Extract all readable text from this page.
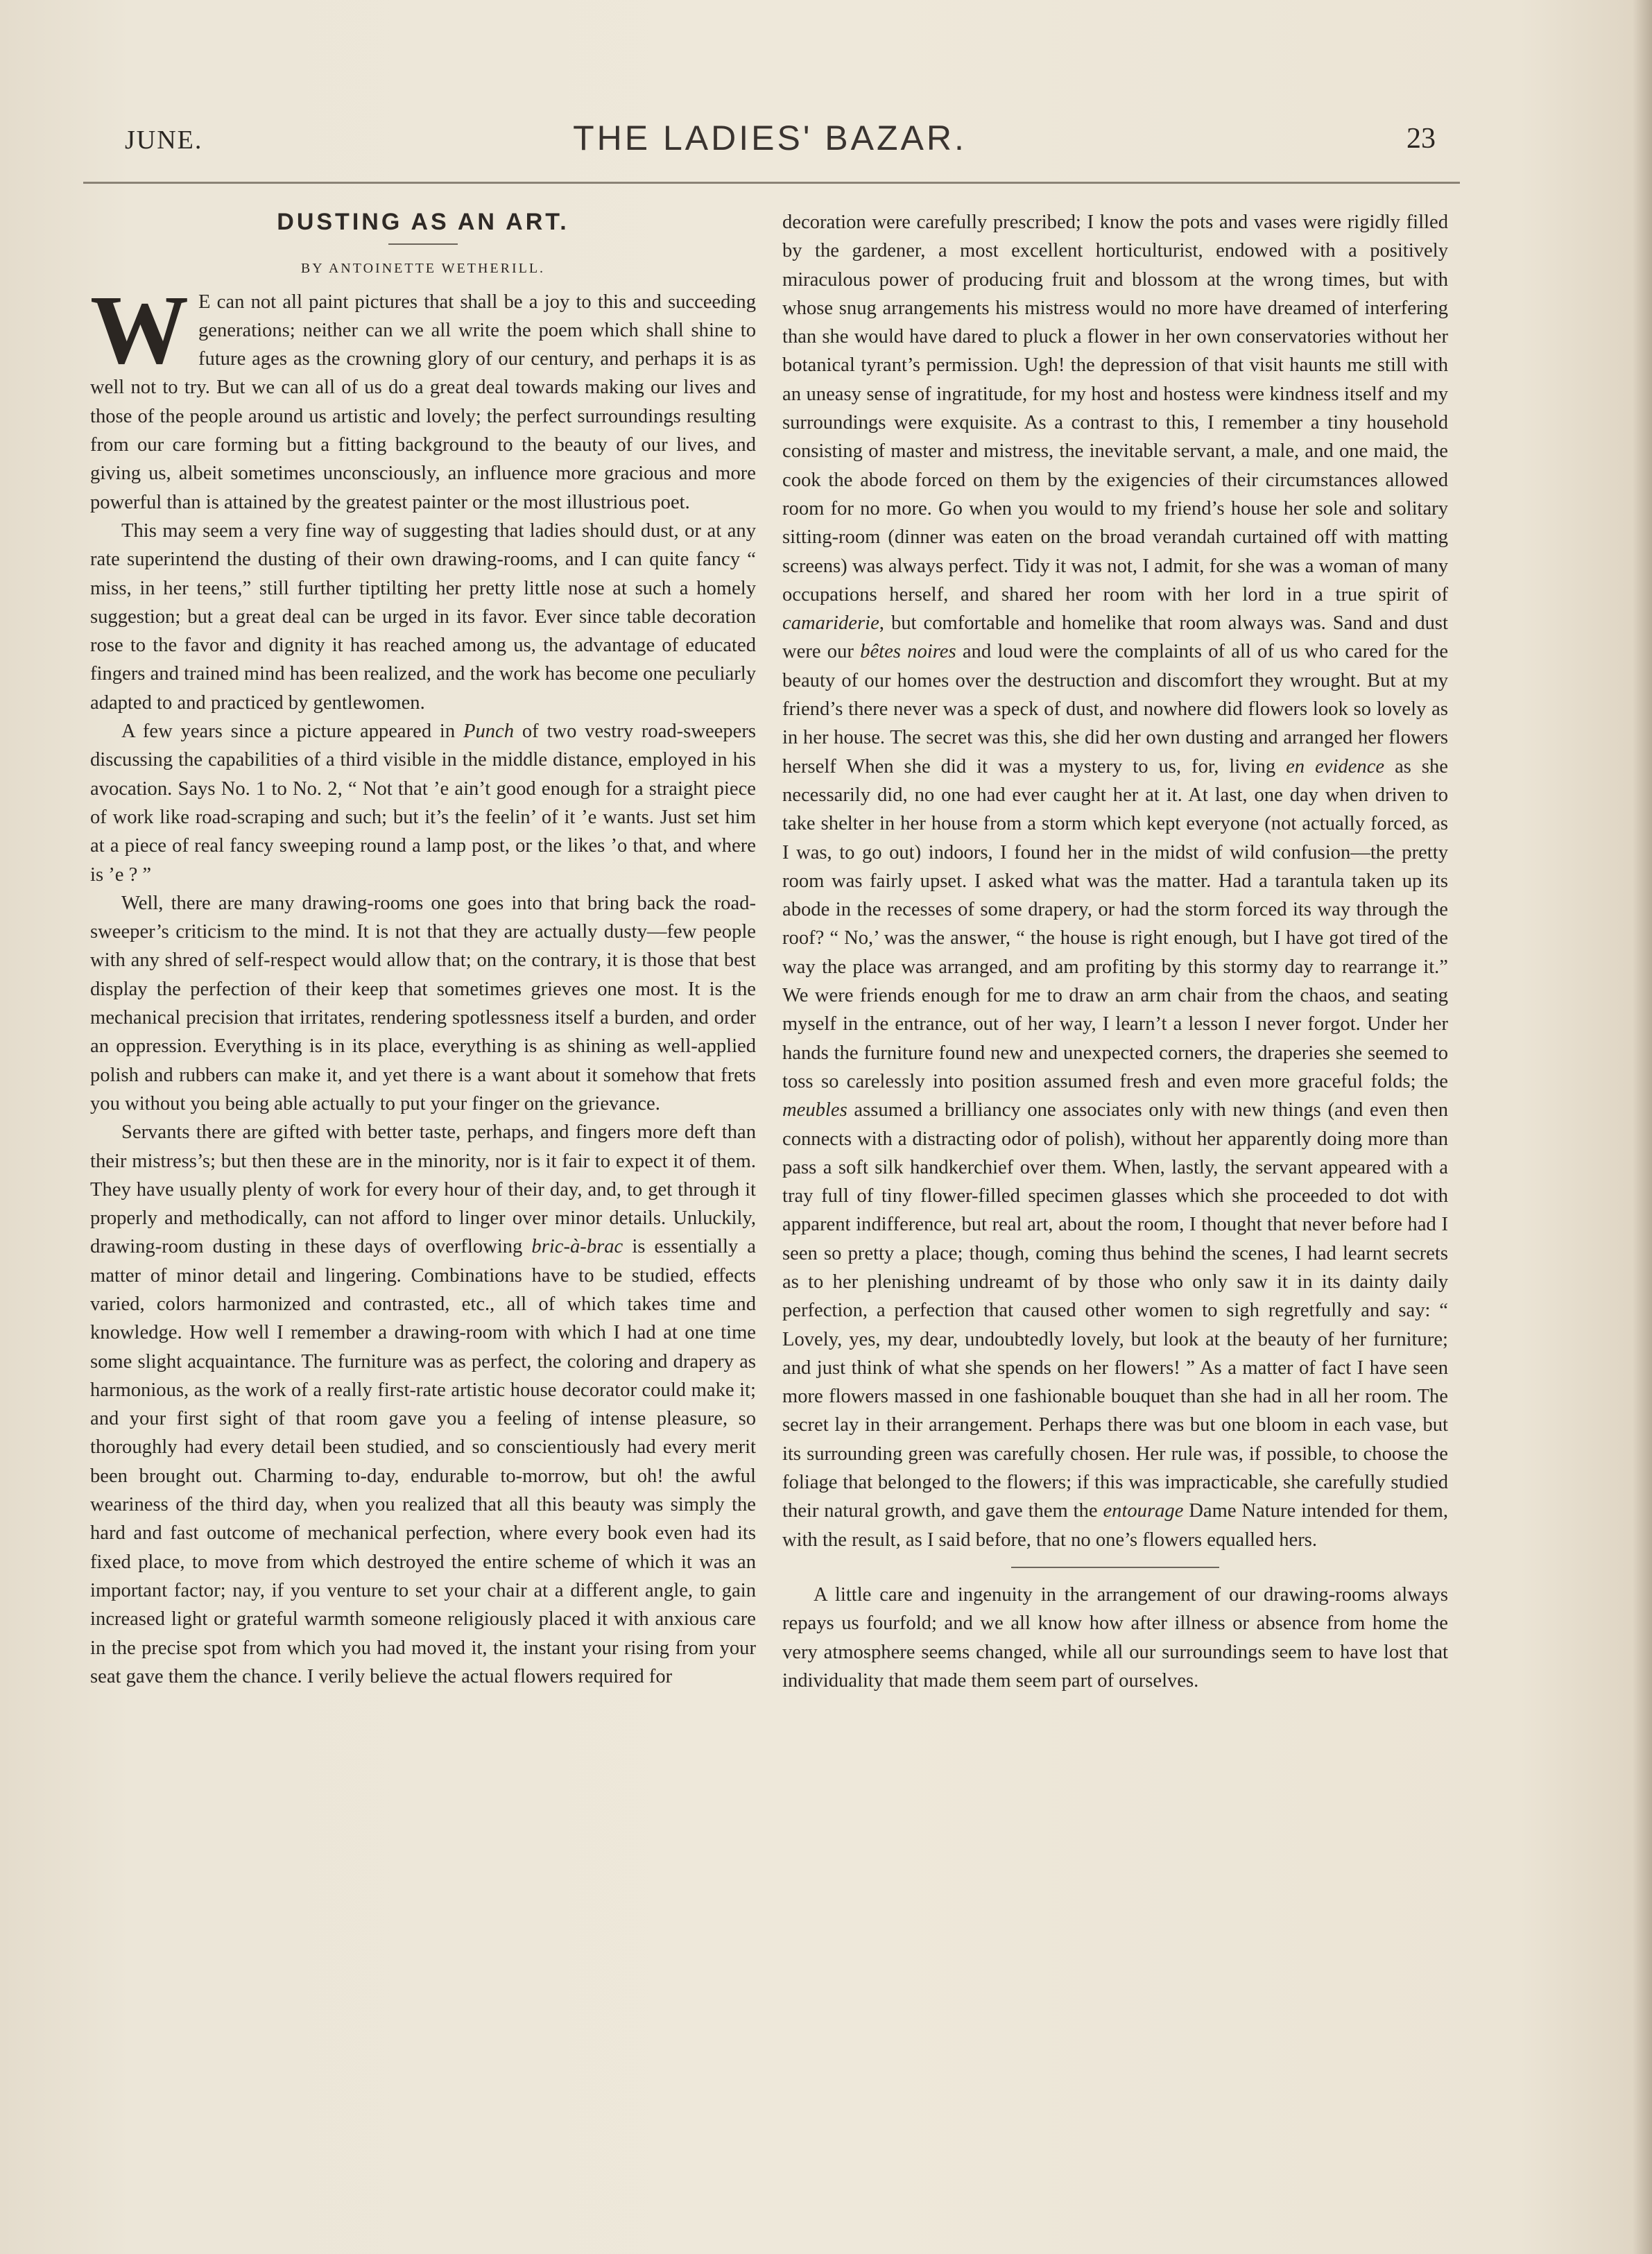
JUNE.	THE LADIES' BAZAR.	23

DUSTING AS AN ART.

BY ANTOINETTE WETHERILL.

W E can not all paint pictures that shall be a joy to this and succeeding generations; neither can we all write the poem which shall shine to future ages as the crowning glory of our century, and perhaps it is as well not to try. But we can all of us do a great deal towards making our lives and those of the people around us artistic and lovely; the perfect surroundings resulting from our care forming but a fitting background to the beauty of our lives, and giving us, albeit sometimes unconsciously, an influence more gracious and more powerful than is attained by the greatest painter or the most illustrious poet.

This may seem a very fine way of suggesting that ladies should dust, or at any rate superintend the dusting of their own drawing-rooms, and I can quite fancy “ miss, in her teens,” still further tiptilting her pretty little nose at such a homely suggestion; but a great deal can be urged in its favor. Ever since table decoration rose to the favor and dignity it has reached among us, the advantage of educated fingers and trained mind has been realized, and the work has become one peculiarly adapted to and practiced by gentlewomen.

A few years since a picture appeared in Punch of two vestry road-sweepers discussing the capabilities of a third visible in the middle distance, employed in his avocation. Says No. 1 to No. 2, “ Not that ’e ain’t good enough for a straight piece of work like road-scraping and such; but it’s the feelin’ of it ’e wants. Just set him at a piece of real fancy sweeping round a lamp post, or the likes ’o that, and where is ’e ? ”

Well, there are many drawing-rooms one goes into that bring back the road-sweeper’s criticism to the mind. It is not that they are actually dusty—few people with any shred of self-respect would allow that; on the contrary, it is those that best display the perfection of their keep that sometimes grieves one most. It is the mechanical precision that irritates, rendering spotlessness itself a burden, and order an oppression. Everything is in its place, everything is as shining as well-applied polish and rubbers can make it, and yet there is a want about it somehow that frets you without you being able actually to put your finger on the grievance.

Servants there are gifted with better taste, perhaps, and fingers more deft than their mistress’s; but then these are in the minority, nor is it fair to expect it of them. They have usually plenty of work for every hour of their day, and, to get through it properly and methodically, can not afford to linger over minor details. Unluckily, drawing-room dusting in these days of overflowing bric-à-brac is essentially a matter of minor detail and lingering. Combinations have to be studied, effects varied, colors harmonized and contrasted, etc., all of which takes time and knowledge. How well I remember a drawing-room with which I had at one time some slight acquaintance. The furniture was as perfect, the coloring and drapery as harmonious, as the work of a really first-rate artistic house decorator could make it; and your first sight of that room gave you a feeling of intense pleasure, so thoroughly had every detail been studied, and so conscientiously had every merit been brought out. Charming to-day, endurable to-morrow, but oh! the awful weariness of the third day, when you realized that all this beauty was simply the hard and fast outcome of mechanical perfection, where every book even had its fixed place, to move from which destroyed the entire scheme of which it was an important factor; nay, if you venture to set your chair at a different angle, to gain increased light or grateful warmth someone religiously placed it with anxious care in the precise spot from which you had moved it, the instant your rising from your seat gave them the chance. I verily believe the actual flowers required for

decoration were carefully prescribed; I know the pots and vases were rigidly filled by the gardener, a most excellent horticulturist, endowed with a positively miraculous power of producing fruit and blossom at the wrong times, but with whose snug arrangements his mistress would no more have dreamed of interfering than she would have dared to pluck a flower in her own conservatories without her botanical tyrant’s permission. Ugh! the depression of that visit haunts me still with an uneasy sense of ingratitude, for my host and hostess were kindness itself and my surroundings were exquisite. As a contrast to this, I remember a tiny household consisting of master and mistress, the inevitable servant, a male, and one maid, the cook the abode forced on them by the exigencies of their circumstances allowed room for no more. Go when you would to my friend’s house her sole and solitary sitting-room (dinner was eaten on the broad verandah curtained off with matting screens) was always perfect. Tidy it was not, I admit, for she was a woman of many occupations herself, and shared her room with her lord in a true spirit of camariderie, but comfortable and homelike that room always was. Sand and dust were our bêtes noires and loud were the complaints of all of us who cared for the beauty of our homes over the destruction and discomfort they wrought. But at my friend’s there never was a speck of dust, and nowhere did flowers look so lovely as in her house. The secret was this, she did her own dusting and arranged her flowers herself When she did it was a mystery to us, for, living en evidence as she necessarily did, no one had ever caught her at it. At last, one day when driven to take shelter in her house from a storm which kept everyone (not actually forced, as I was, to go out) indoors, I found her in the midst of wild confusion—the pretty room was fairly upset. I asked what was the matter. Had a tarantula taken up its abode in the recesses of some drapery, or had the storm forced its way through the roof? “ No,’ was the answer, “ the house is right enough, but I have got tired of the way the place was arranged, and am profiting by this stormy day to rearrange it.” We were friends enough for me to draw an arm chair from the chaos, and seating myself in the entrance, out of her way, I learn’t a lesson I never forgot. Under her hands the furniture found new and unexpected corners, the draperies she seemed to toss so carelessly into position assumed fresh and even more graceful folds; the meubles assumed a brilliancy one associates only with new things (and even then connects with a distracting odor of polish), without her apparently doing more than pass a soft silk handkerchief over them. When, lastly, the servant appeared with a tray full of tiny flower-filled specimen glasses which she proceeded to dot with apparent indifference, but real art, about the room, I thought that never before had I seen so pretty a place; though, coming thus behind the scenes, I had learnt secrets as to her plenishing undreamt of by those who only saw it in its dainty daily perfection, a perfection that caused other women to sigh regretfully and say: “ Lovely, yes, my dear, undoubtedly lovely, but look at the beauty of her furniture; and just think of what she spends on her flowers! ” As a matter of fact I have seen more flowers massed in one fashionable bouquet than she had in all her room. The secret lay in their arrangement. Perhaps there was but one bloom in each vase, but its surrounding green was carefully chosen. Her rule was, if possible, to choose the foliage that belonged to the flowers; if this was impracticable, she carefully studied their natural growth, and gave them the entourage Dame Nature intended for them, with the result, as I said before, that no one’s flowers equalled hers.

A little care and ingenuity in the arrangement of our drawing-rooms always repays us fourfold; and we all know how after illness or absence from home the very atmosphere seems changed, while all our surroundings seem to have lost that individuality that made them seem part of ourselves.
